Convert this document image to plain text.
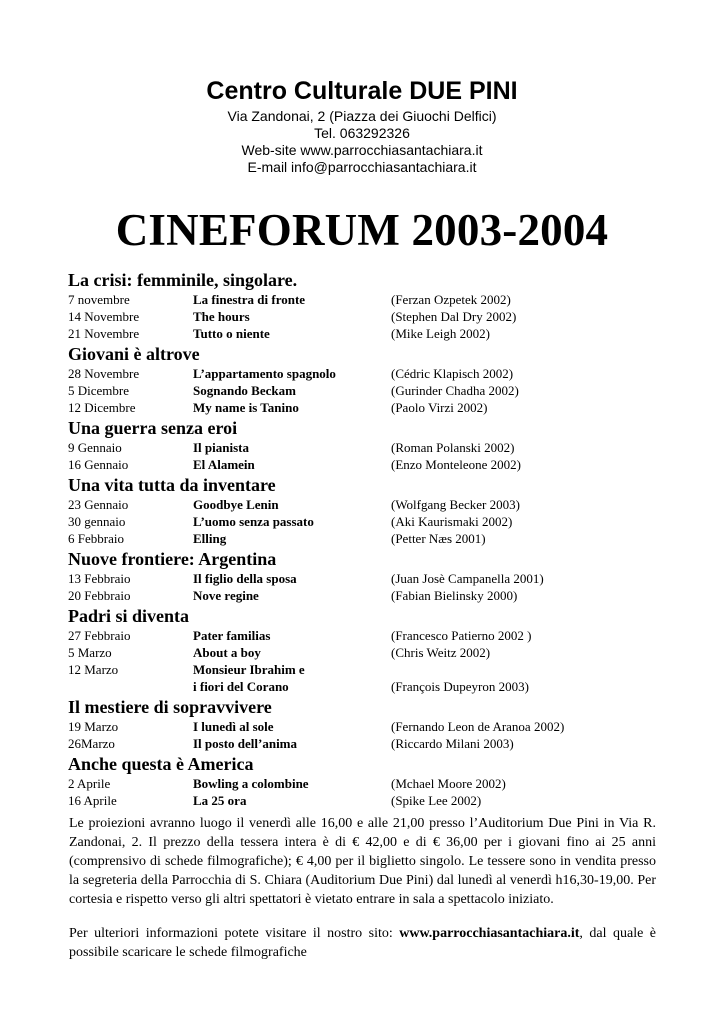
Centro Culturale DUE PINI
Via Zandonai, 2 (Piazza dei Giuochi Delfici)
Tel. 063292326
Web-site www.parrocchiasantachiara.it
E-mail info@parrocchiasantachiara.it
CINEFORUM 2003-2004
La crisi: femminile, singolare.
7 novembre	La finestra di fronte	(Ferzan Ozpetek 2002)
14 Novembre	The hours	(Stephen Dal Dry 2002)
21 Novembre	Tutto o niente	(Mike Leigh 2002)
Giovani è altrove
28 Novembre	L’appartamento spagnolo	(Cédric Klapisch 2002)
5 Dicembre	Sognando Beckam	(Gurinder Chadha 2002)
12 Dicembre	My name is Tanino	(Paolo Virzi 2002)
Una guerra senza eroi
9 Gennaio	Il pianista	(Roman Polanski 2002)
16 Gennaio	El Alamein	(Enzo Monteleone 2002)
Una vita tutta da inventare
23 Gennaio	Goodbye Lenin	(Wolfgang Becker 2003)
30 gennaio	L’uomo senza passato	(Aki Kaurismaki 2002)
6 Febbraio	Elling	(Petter Næs 2001)
Nuove frontiere: Argentina
13 Febbraio	Il figlio della sposa	(Juan Josè Campanella 2001)
20 Febbraio	Nove regine	(Fabian Bielinsky 2000)
Padri si diventa
27 Febbraio	Pater familias	(Francesco Patierno 2002 )
5 Marzo	About a boy	(Chris Weitz 2002)
12 Marzo	Monsieur Ibrahim e
i fiori del Corano	(François Dupeyron 2003)
Il mestiere di sopravvivere
19 Marzo	I lunedì al sole	(Fernando Leon de Aranoa 2002)
26Marzo	Il posto dell’anima	(Riccardo Milani 2003)
Anche questa è America
2 Aprile	Bowling a colombine	(Mchael Moore 2002)
16 Aprile	La 25 ora	(Spike Lee 2002)

Le proiezioni avranno luogo il venerdì alle 16,00 e alle 21,00 presso l’Auditorium Due Pini in Via R. Zandonai, 2. Il prezzo della tessera intera è di € 42,00 e di € 36,00 per i giovani fino ai 25 anni (comprensivo di schede filmografiche); € 4,00 per il biglietto singolo. Le tessere sono in vendita presso la segreteria della Parrocchia di S. Chiara (Auditorium Due Pini) dal lunedì al venerdì h16,30-19,00. Per cortesia e rispetto verso gli altri spettatori è vietato entrare in sala a spettacolo iniziato.

Per ulteriori informazioni potete visitare il nostro sito: www.parrocchiasantachiara.it, dal quale è possibile scaricare le schede filmografiche
